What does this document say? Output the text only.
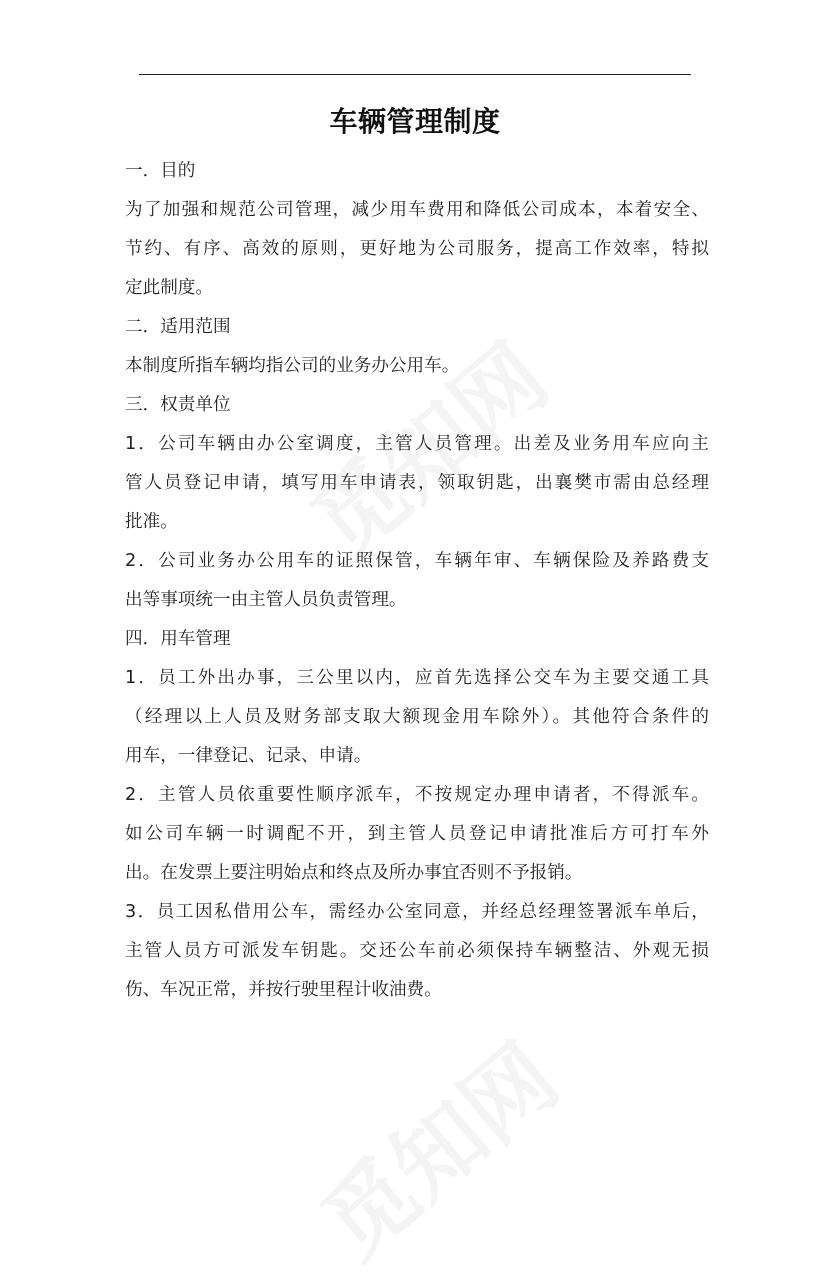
车辆管理制度
一．目的
为了加强和规范公司管理，减少用车费用和降低公司成本，本着安全、
节约、有序、高效的原则，更好地为公司服务，提高工作效率，特拟
定此制度。
二．适用范围
本制度所指车辆均指公司的业务办公用车。
三．权责单位
1．公司车辆由办公室调度，主管人员管理。出差及业务用车应向主
管人员登记申请，填写用车申请表，领取钥匙，出襄樊市需由总经理
批准。
2．公司业务办公用车的证照保管，车辆年审、车辆保险及养路费支
出等事项统一由主管人员负责管理。
四．用车管理
1．员工外出办事，三公里以内，应首先选择公交车为主要交通工具
（经理以上人员及财务部支取大额现金用车除外）。其他符合条件的
用车，一律登记、记录、申请。
2．主管人员依重要性顺序派车，不按规定办理申请者，不得派车。
如公司车辆一时调配不开，到主管人员登记申请批准后方可打车外
出。在发票上要注明始点和终点及所办事宜否则不予报销。
3．员工因私借用公车，需经办公室同意，并经总经理签署派车单后，
主管人员方可派发车钥匙。交还公车前必须保持车辆整洁、外观无损
伤、车况正常，并按行驶里程计收油费。
